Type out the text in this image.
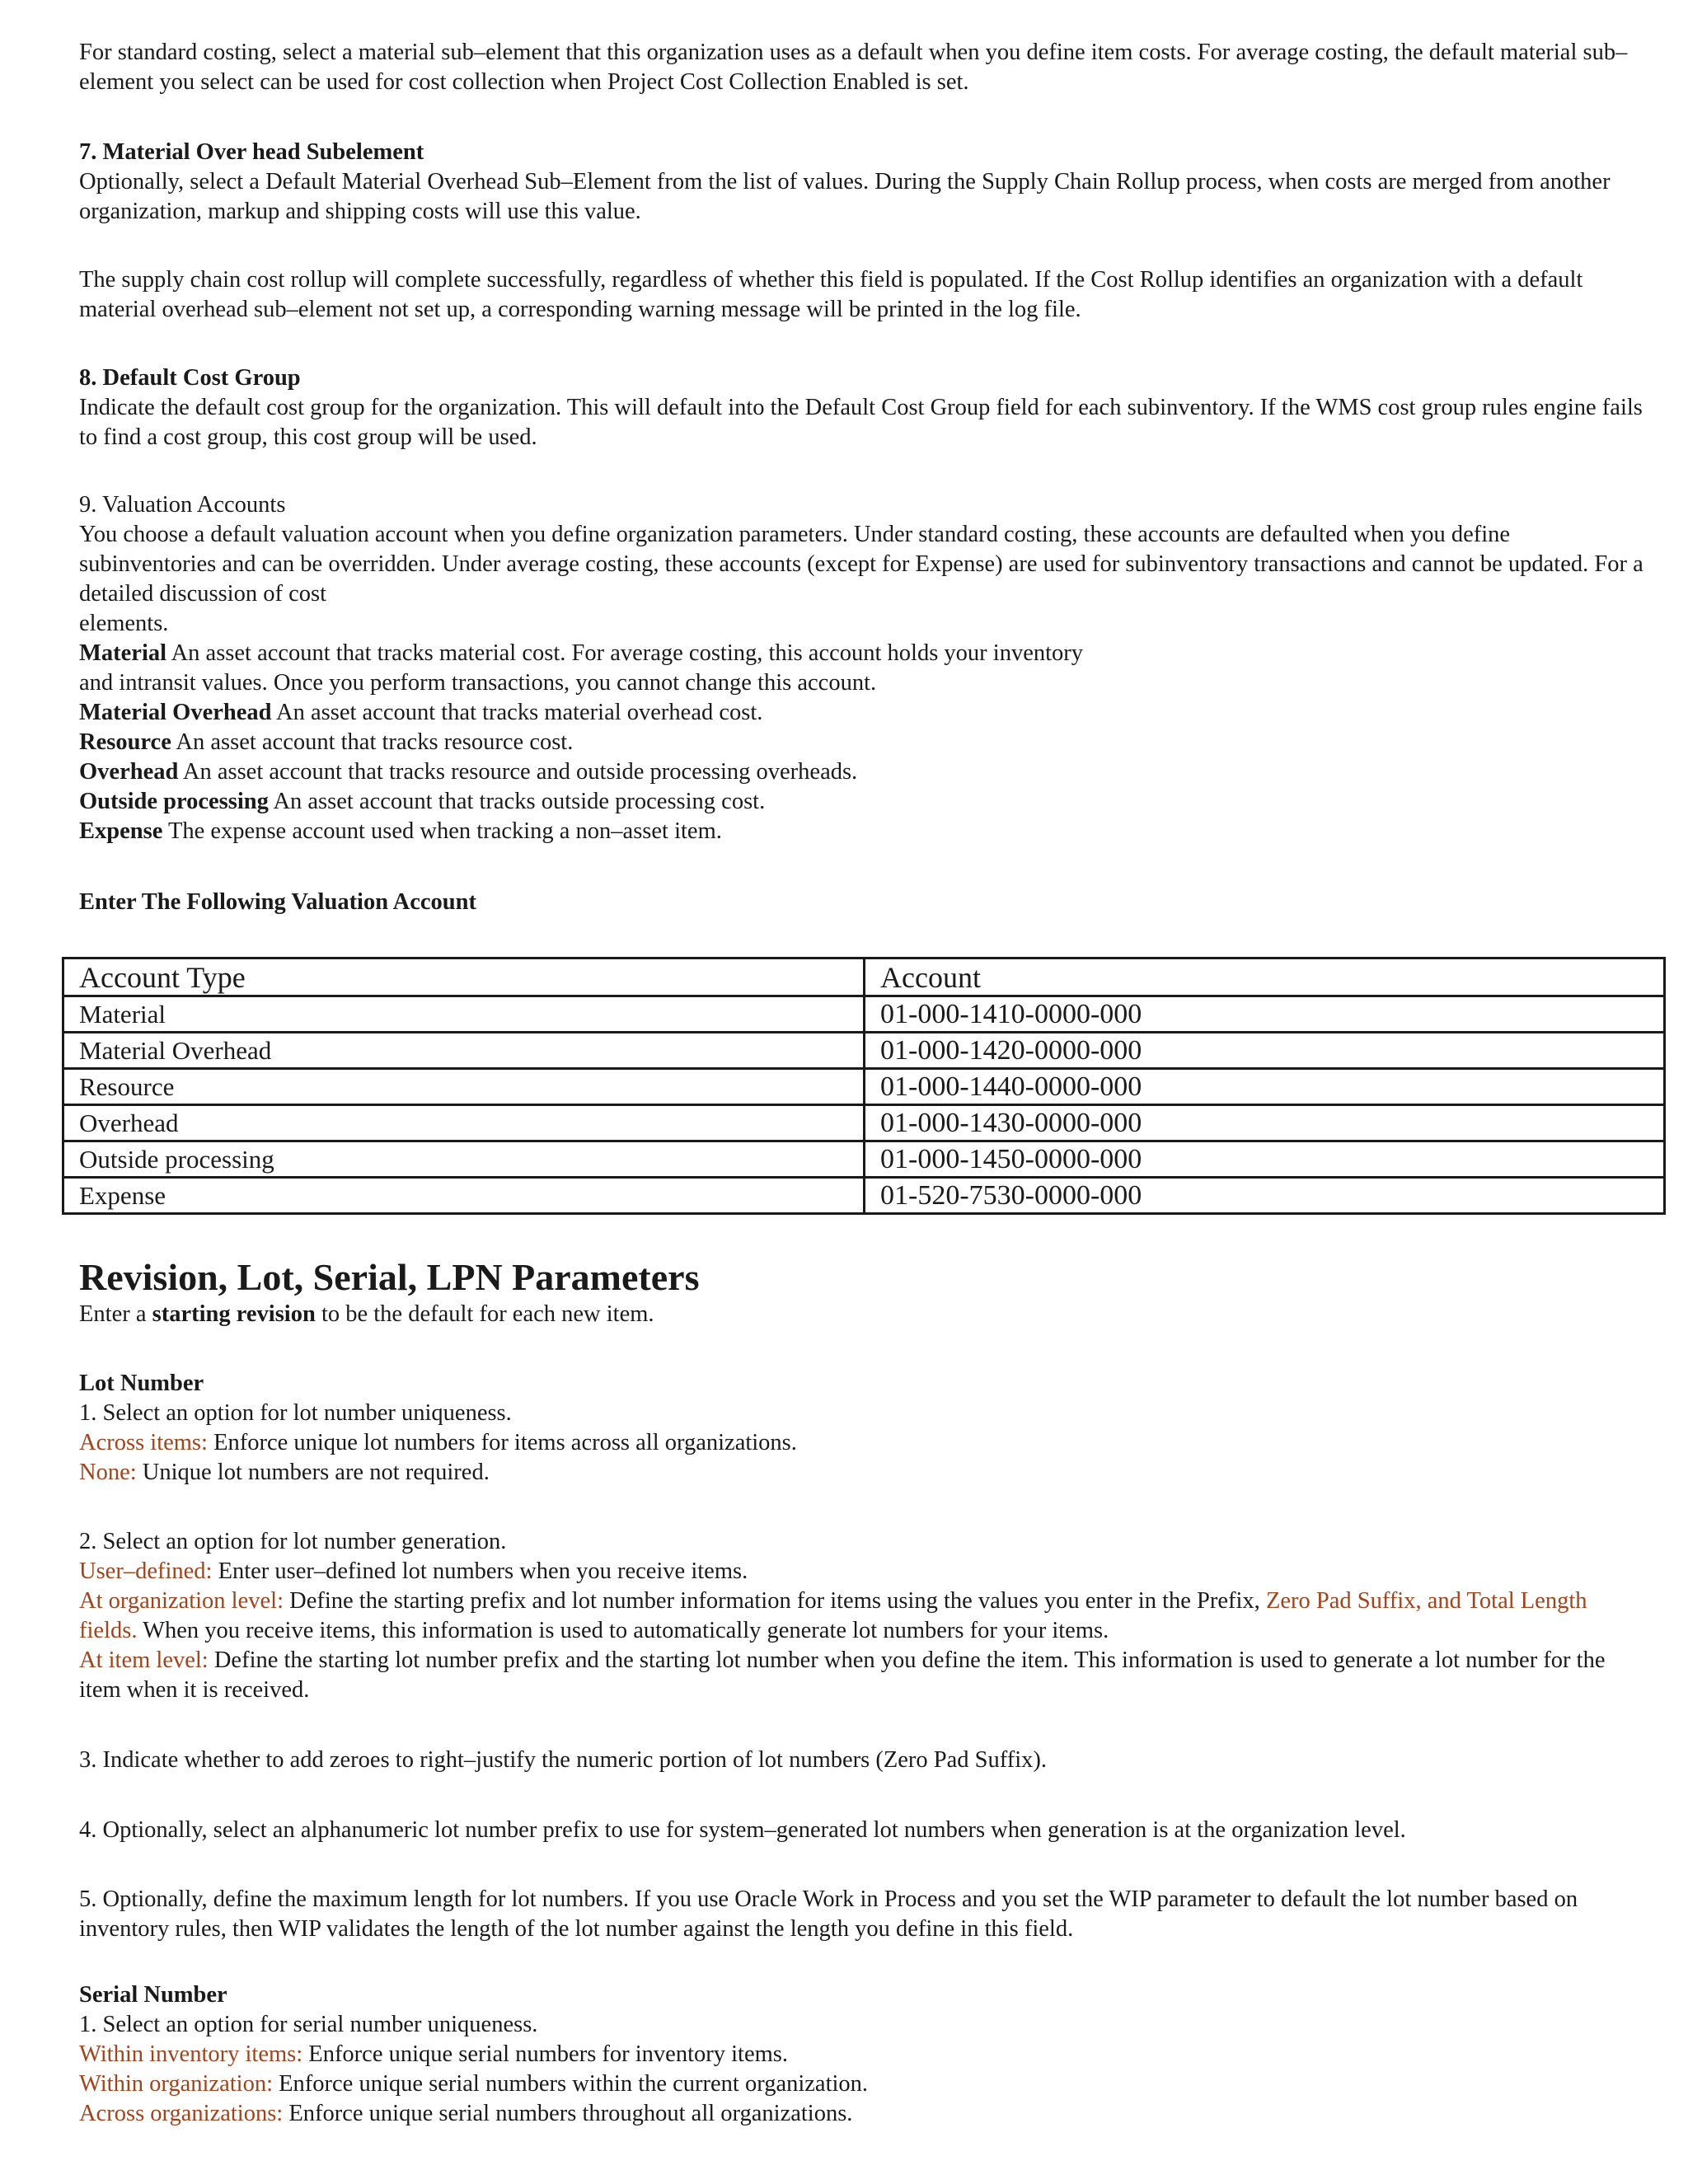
For standard costing, select a material sub–element that this organization uses as a default when you define item costs. For average costing, the default material sub–element you select can be used for cost collection when Project Cost Collection Enabled is set.

7. Material Over head Subelement

Optionally, select a Default Material Overhead Sub–Element from the list of values. During the Supply Chain Rollup process, when costs are merged from another organization, markup and shipping costs will use this value.

The supply chain cost rollup will complete successfully, regardless of whether this field is populated. If the Cost Rollup identifies an organization with a default material overhead sub–element not set up, a corresponding warning message will be printed in the log file.

8. Default Cost Group

Indicate the default cost group for the organization. This will default into the Default Cost Group field for each subinventory. If the WMS cost group rules engine fails to find a cost group, this cost group will be used.

9. Valuation Accounts

You choose a default valuation account when you define organization parameters. Under standard costing, these accounts are defaulted when you define subinventories and can be overridden. Under average costing, these accounts (except for Expense) are used for subinventory transactions and cannot be updated. For a detailed discussion of cost

elements.

Material An asset account that tracks material cost. For average costing, this account holds your inventory

and intransit values. Once you perform transactions, you cannot change this account.

Material Overhead An asset account that tracks material overhead cost.

Resource An asset account that tracks resource cost.

Overhead An asset account that tracks resource and outside processing overheads.

Outside processing An asset account that tracks outside processing cost.

Expense The expense account used when tracking a non–asset item.

Enter The Following Valuation Account

Account Type	Account
Material	01-000-1410-0000-000
Material Overhead	01-000-1420-0000-000
Resource	01-000-1440-0000-000
Overhead	01-000-1430-0000-000
Outside processing	01-000-1450-0000-000
Expense	01-520-7530-0000-000

Revision, Lot, Serial, LPN Parameters

Enter a starting revision to be the default for each new item.

Lot Number

1. Select an option for lot number uniqueness.

Across items: Enforce unique lot numbers for items across all organizations.

None: Unique lot numbers are not required.

2. Select an option for lot number generation.

User–defined: Enter user–defined lot numbers when you receive items.

At organization level: Define the starting prefix and lot number information for items using the values you enter in the Prefix, Zero Pad Suffix, and Total Length fields. When you receive items, this information is used to automatically generate lot numbers for your items.

At item level: Define the starting lot number prefix and the starting lot number when you define the item. This information is used to generate a lot number for the item when it is received.

3. Indicate whether to add zeroes to right–justify the numeric portion of lot numbers (Zero Pad Suffix).

4. Optionally, select an alphanumeric lot number prefix to use for system–generated lot numbers when generation is at the organization level.

5. Optionally, define the maximum length for lot numbers. If you use Oracle Work in Process and you set the WIP parameter to default the lot number based on inventory rules, then WIP validates the length of the lot number against the length you define in this field.

Serial Number

1. Select an option for serial number uniqueness.

Within inventory items: Enforce unique serial numbers for inventory items.

Within organization: Enforce unique serial numbers within the current organization.

Across organizations: Enforce unique serial numbers throughout all organizations.
